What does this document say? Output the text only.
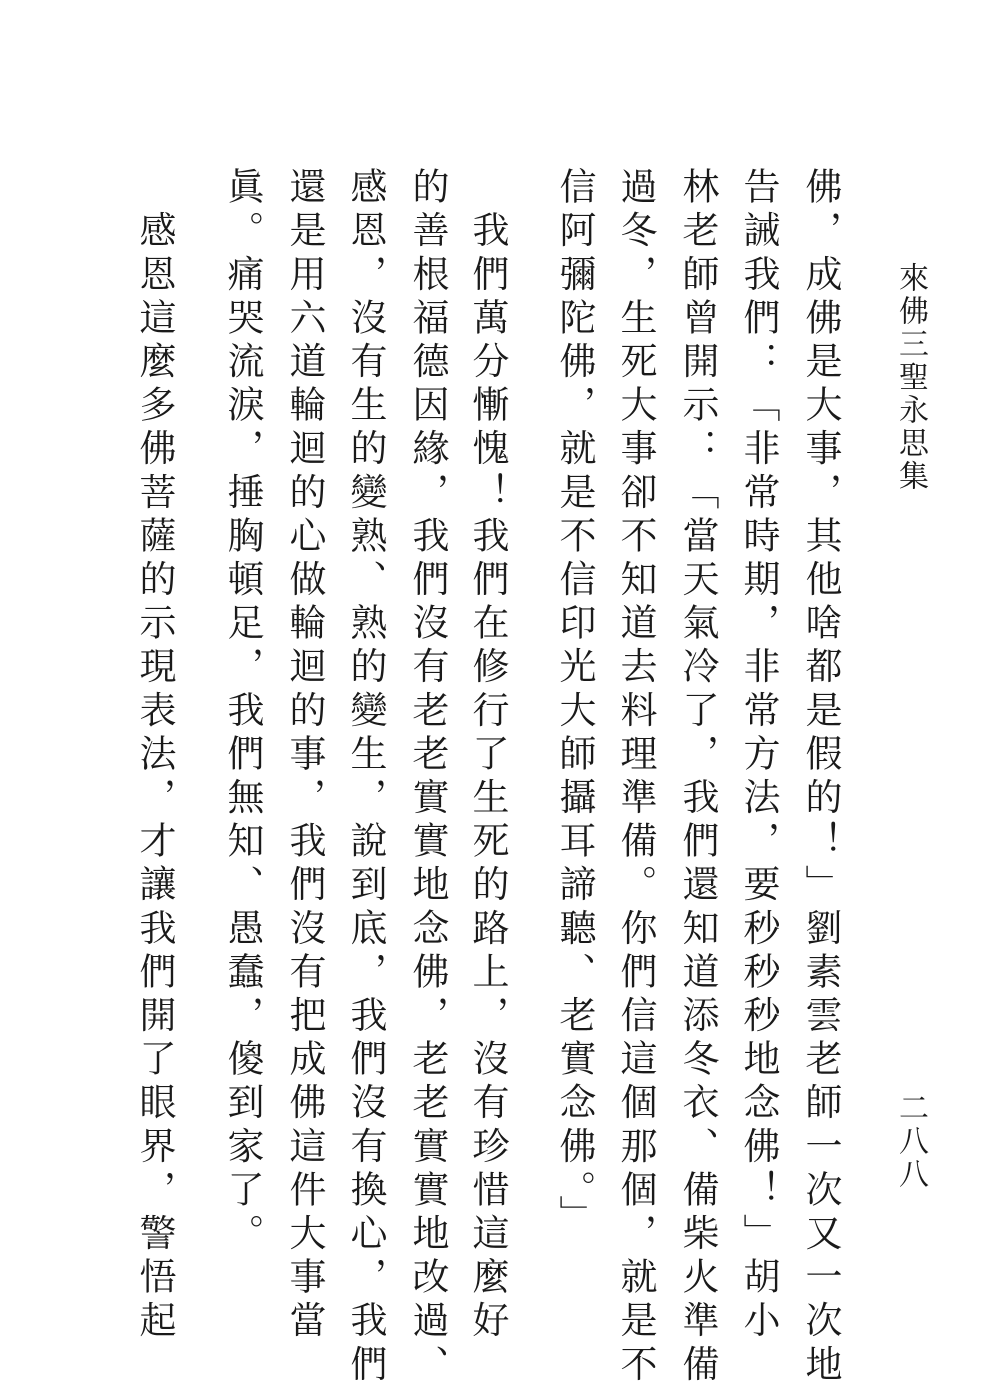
來佛三聖永思集
二八八
佛，成佛是大事，其他啥都是假的！」劉素雲老師一次又一次地
告誡我們：「非常時期，非常方法，要秒秒秒地念佛！」胡小
林老師曾開示：「當天氣冷了，我們還知道添冬衣、備柴火準備
過冬，生死大事卻不知道去料理準備。你們信這個那個，就是不
信阿彌陀佛，就是不信印光大師攝耳諦聽、老實念佛。」
　我們萬分慚愧！我們在修行了生死的路上，沒有珍惜這麼好
的善根福德因緣，我們沒有老老實實地念佛，老老實實地改過、
感恩，沒有生的變熟、熟的變生，說到底，我們沒有換心，我們
還是用六道輪迴的心做輪迴的事，我們沒有把成佛這件大事當
眞。痛哭流淚，捶胸頓足，我們無知、愚蠢，傻到家了。
　感恩這麼多佛菩薩的示現表法，才讓我們開了眼界，警悟起
